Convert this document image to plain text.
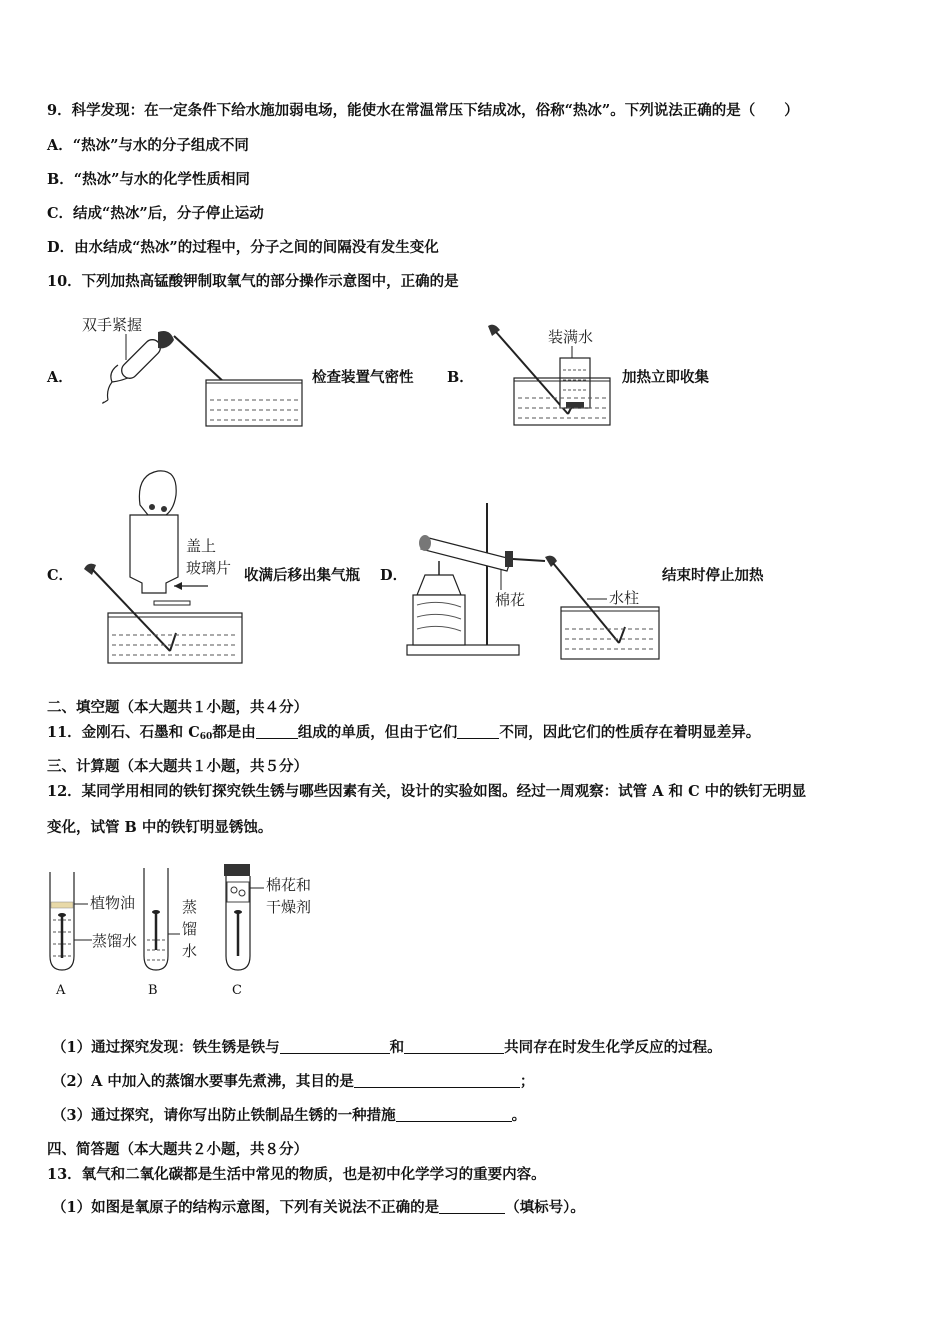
9．科学发现：在一定条件下给水施加弱电场，能使水在常温常压下结成冰，俗称“热冰”。下列说法正确的是（　　）
A．“热冰”与水的分子组成不同
B．“热冰”与水的化学性质相同
C．结成“热冰”后，分子停止运动
D．由水结成“热冰”的过程中，分子之间的间隔没有发生变化
10．下列加热高锰酸钾制取氧气的部分操作示意图中，正确的是
A．
双手紧握
检查装置气密性 B．
装满水
加热立即收集
C．
盖上
玻璃片 收满后移出集气瓶 D．
棉花	水柱
结束时停止加热
二、填空题（本大题共１小题，共４分）
11．金刚石、石墨和 $C_{60}$都是由	组成的单质，但由于它们	不同，因此它们的性质存在着明显差异。
三、计算题（本大题共１小题，共５分）
12．某同学用相同的铁钉探究铁生锈与哪些因素有关，设计的实验如图。经过一周观察：试管 A 和 C 中的铁钉无明显
变化，试管 B 中的铁钉明显锈蚀。
植物油
蒸馏水
蒸
馏
水
棉花和
干燥剂
A	B	C
（1）通过探究发现：铁生锈是铁与	和	共同存在时发生化学反应的过程。
（2）A 中加入的蒸馏水要事先煮沸，其目的是	；
（3）通过探究，请你写出防止铁制品生锈的一种措施	。
四、简答题（本大题共２小题，共８分）
13．氧气和二氧化碳都是生活中常见的物质，也是初中化学学习的重要内容。
（1）如图是氧原子的结构示意图，下列有关说法不正确的是	（填标号）。
